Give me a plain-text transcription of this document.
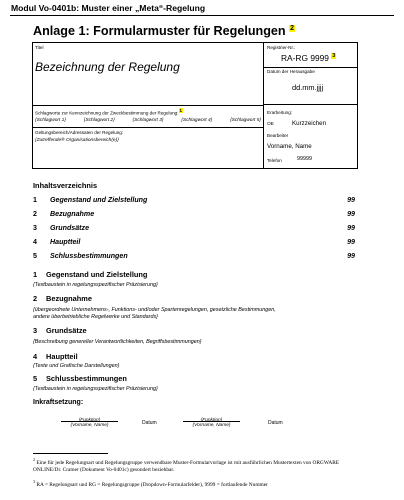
Modul Vo-0401b: Muster einer „Meta“-Regelung
Anlage 1: Formularmuster für Regelungen $^2$
Titel
Bezeichnung der Regelung
Registrier-Nr.:
RA-RG 9999 $^3$
Datum der Herausgabe
dd.mm.jjjj
Schlagworte zur Kennzeichnung der Zweckbestimmung der Regelung:1
{Schlagwort 1}	{Schlagwort 2}	{Schlagwort 3}	{Schlagwort 4}	{Schlagwort 5}
Geltungsbereich/Adressaten der Regelung:
{Zutreffende® Organisationsbereich(e)}
Erarbeitung:
OE	Kurzzeichen
Bearbeiter
Vorname, Name
Telefon	99999
Inhaltsverzeichnis
1 Gegenstand und Zielstellung	99
2 Bezugnahme	99
3 Grundsätze	99
4 Hauptteil	99
5 Schlussbestimmungen	99
1 Gegenstand und Zielstellung
{Textbaustein in regelungsspezifischer Präzisierung}
2 Bezugnahme
{übergeordnete Unternehmens-, Funktions- und/oder Spartenregelungen, gesetzliche Bestimmungen,
andere überbetriebliche Regelwerke und Standards}
3 Grundsätze
{Beschreibung genereller Verantwortlichkeiten, Begriffsbestimmungen}
4 Hauptteil
{Texte und Grafische Darstellungen}
5 Schlussbestimmungen
{Textbaustein in regelungsspezifischer Präzisierung}
Inkraftsetzung:
{Funktion}
{Vorname, Name}	Datum	{Funktion}
{Vorname, Name}	Datum
$^2$ Eine für jede Regelungsart und Regelungsgruppe verwendbare Muster-Formularvorlage ist mit ausführlichen Mustertexten von ORGWARE ONLINE/Dr. Cramer (Dokument Vo-0401c) gesondert beziehbar.
$^3$ RA = Regelungsart und RG = Regelungsgruppe (Dropdown-Formularfelder), 9999 = fortlaufende Nummer
